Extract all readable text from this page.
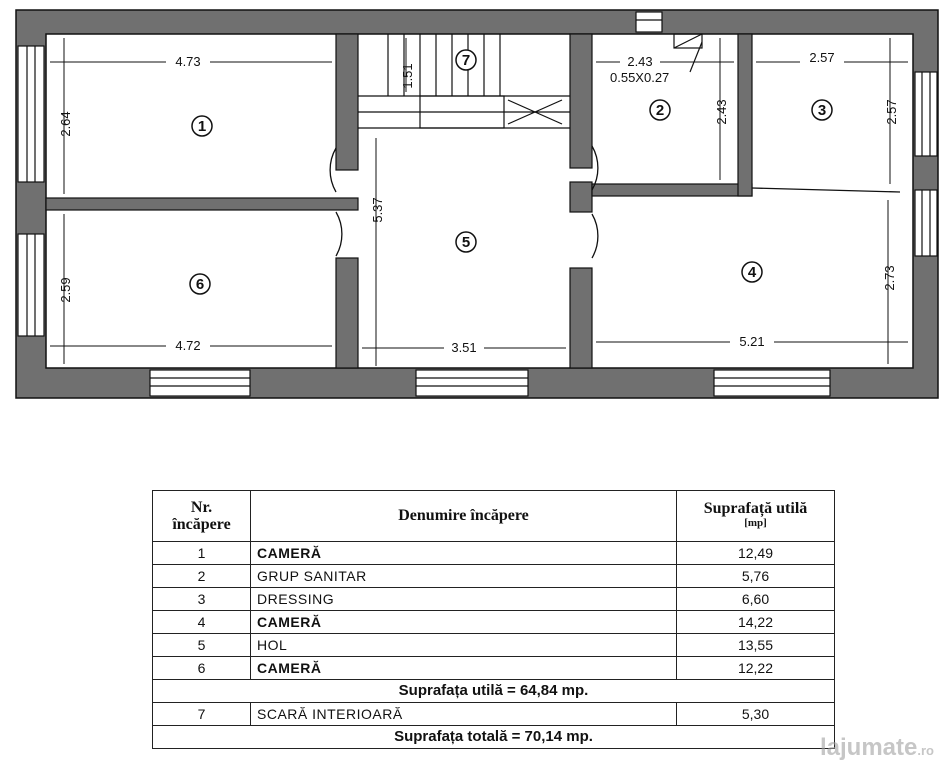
4.73
2.64
1.51
2.43
0.55X0.27
2.43
2.57
2.57
5.37
3.51
2.59
4.72
2.73
5.21
1
2	3
4
5
6
7
Nr.
încăpere	Denumire încăpere	Suprafață utilă
[mp]

1	CAMERĂ	12,49
2	GRUP SANITAR	5,76
3	DRESSING	6,60
4	CAMERĂ	14,22
5	HOL	13,55
6	CAMERĂ	12,22
Suprafața utilă = 64,84 mp.		
7	SCARĂ INTERIOARĂ	5,30
Suprafața totală = 70,14 mp.			lajumate.ro
